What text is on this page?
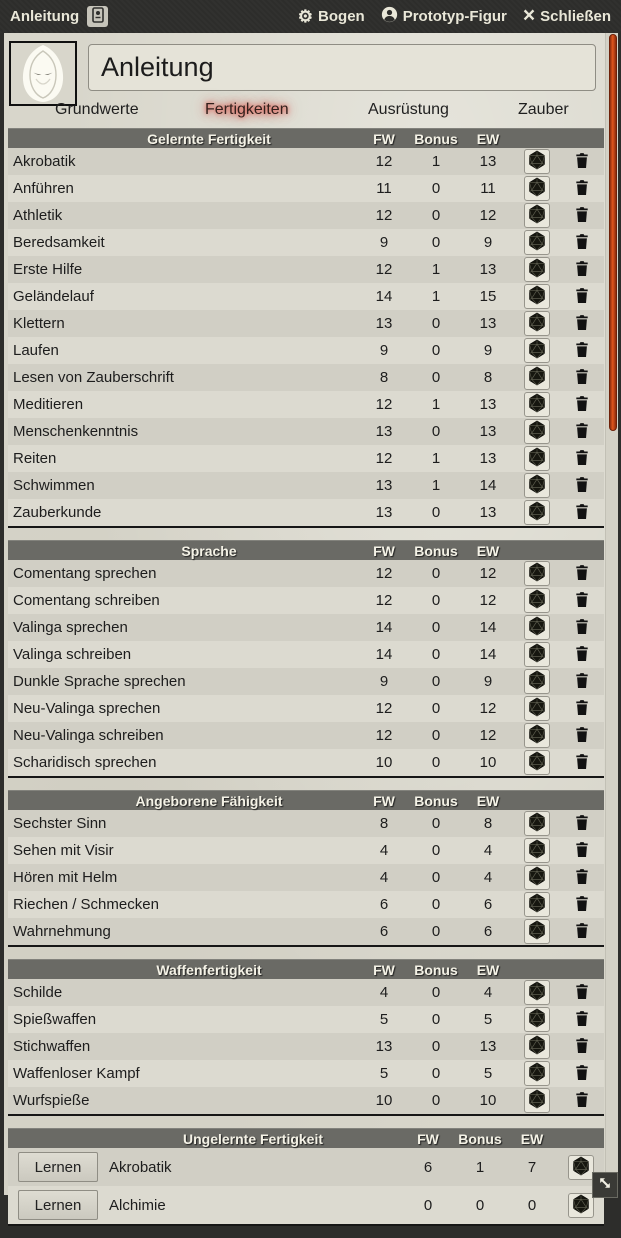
Anleitung	⚙ Bogen	Prototyp-Figur × Schließen
Anleitung
Grundwerte	Fertigkeiten	Ausrüstung	Zauber
Gelernte Fertigkeit	FW	Bonus	EW
Akrobatik	12	1	13
Anführen	11	0	11
Athletik	12	0	12
Beredsamkeit	9	0	9
Erste Hilfe	12	1	13
Geländelauf	14	1	15
Klettern	13	0	13
Laufen	9	0	9
Lesen von Zauberschrift	8	0	8
Meditieren	12	1	13
Menschenkenntnis	13	0	13
Reiten	12	1	13
Schwimmen	13	1	14
Zauberkunde	13	0	13
Sprache	FW	Bonus	EW
Comentang sprechen	12	0	12
Comentang schreiben	12	0	12
Valinga sprechen	14	0	14
Valinga schreiben	14	0	14
Dunkle Sprache sprechen	9	0	9
Neu-Valinga sprechen	12	0	12
Neu-Valinga schreiben	12	0	12
Scharidisch sprechen	10	0	10
Angeborene Fähigkeit	FW	Bonus	EW
Sechster Sinn	8	0	8
Sehen mit Visir	4	0	4
Hören mit Helm	4	0	4
Riechen / Schmecken	6	0	6
Wahrnehmung	6	0	6
Waffenfertigkeit	FW	Bonus	EW
Schilde	4	0	4
Spießwaffen	5	0	5
Stichwaffen	13	0	13
Waffenloser Kampf	5	0	5
Wurfspieße	10	0	10
Ungelernte Fertigkeit	FW	Bonus	EW
Lernen	Akrobatik	6	1	7
Lernen	Alchimie	0	0	0
